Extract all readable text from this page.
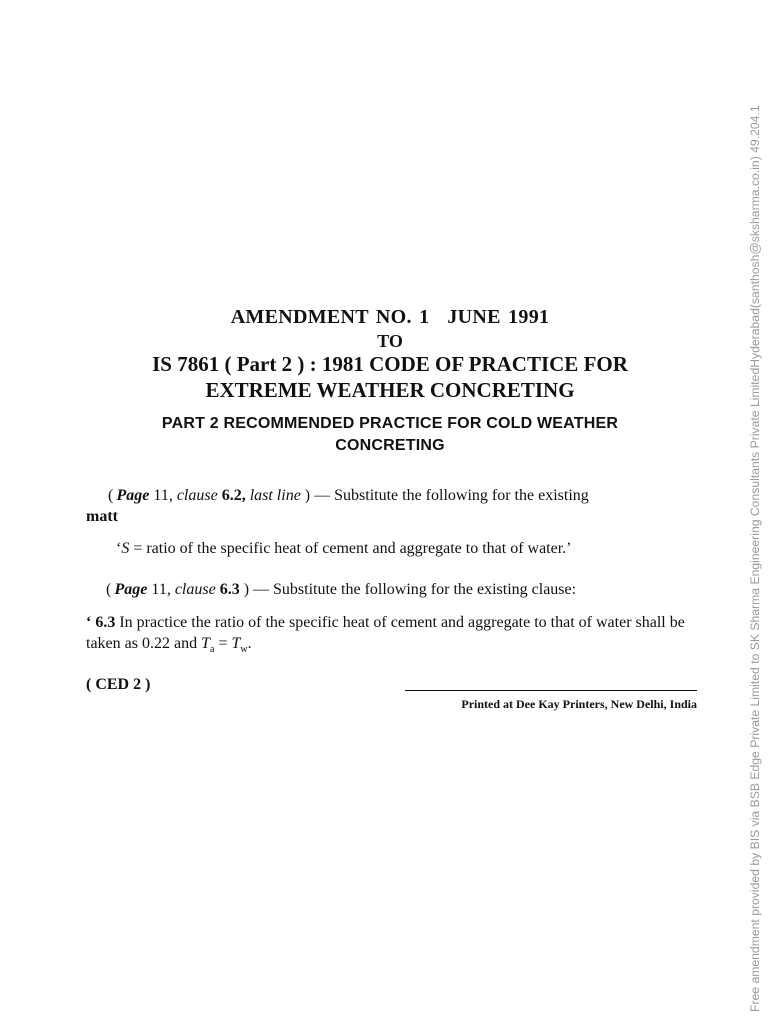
AMENDMENT NO. 1 JUNE 1991
TO
IS 7861 ( Part 2 ) : 1981 CODE OF PRACTICE FOR
EXTREME WEATHER CONCRETING
PART 2 RECOMMENDED PRACTICE FOR COLD WEATHER
CONCRETING
( Page 11, clause 6.2, last line ) — Substitute the following for the existing
matt
‘S = ratio of the specific heat of cement and aggregate to that of water.’
( Page 11, clause 6.3 ) — Substitute the following for the existing clause:
‘ 6.3 In practice the ratio of the specific heat of cement and aggregate to that of water shall be taken as 0.22 and $T_a = T_w$.
( CED 2 )
Printed at Dee Kay Printers, New Delhi, India	Free amendment provided by BIS via BSB Edge Private Limited to SK Sharma Engineering Consultants Private LimitedHyderabad(santhosh@sksharma.co.in) 49.204.1
